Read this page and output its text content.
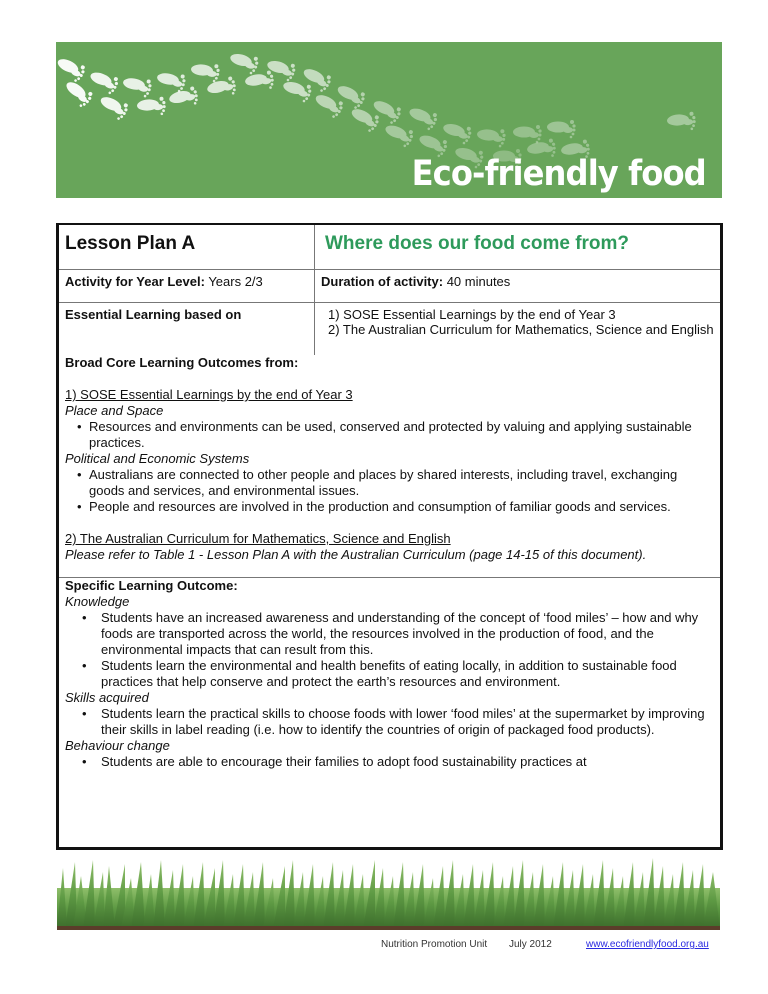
Eco-friendly food
Lesson Plan A	Where does our food come from?
Activity for Year Level: Years 2/3	Duration of activity: 40 minutes
Essential Learning based on	1) SOSE Essential Learnings by the end of Year 3
2) The Australian Curriculum for Mathematics, Science and English
Broad Core Learning Outcomes from:
1) SOSE Essential Learnings by the end of Year 3
Place and Space
• Resources and environments can be used, conserved and protected by valuing and applying sustainable practices.
Political and Economic Systems
• Australians are connected to other people and places by shared interests, including travel, exchanging goods and services, and environmental issues.
• People and resources are involved in the production and consumption of familiar goods and services.
2) The Australian Curriculum for Mathematics, Science and English
Please refer to Table 1 - Lesson Plan A with the Australian Curriculum (page 14-15 of this document).
Specific Learning Outcome:
Knowledge
• Students have an increased awareness and understanding of the concept of ‘food miles’ – how and why foods are transported across the world, the resources involved in the production of food, and the environmental impacts that can result from this.
• Students learn the environmental and health benefits of eating locally, in addition to sustainable food practices that help conserve and protect the earth’s resources and environment.
Skills acquired
• Students learn the practical skills to choose foods with lower ‘food miles’ at the supermarket by improving their skills in label reading (i.e. how to identify the countries of origin of packaged food products).
Behaviour change
• Students are able to encourage their families to adopt food sustainability practices at
Nutrition Promotion Unit July 2012	www.ecofriendlyfood.org.au
